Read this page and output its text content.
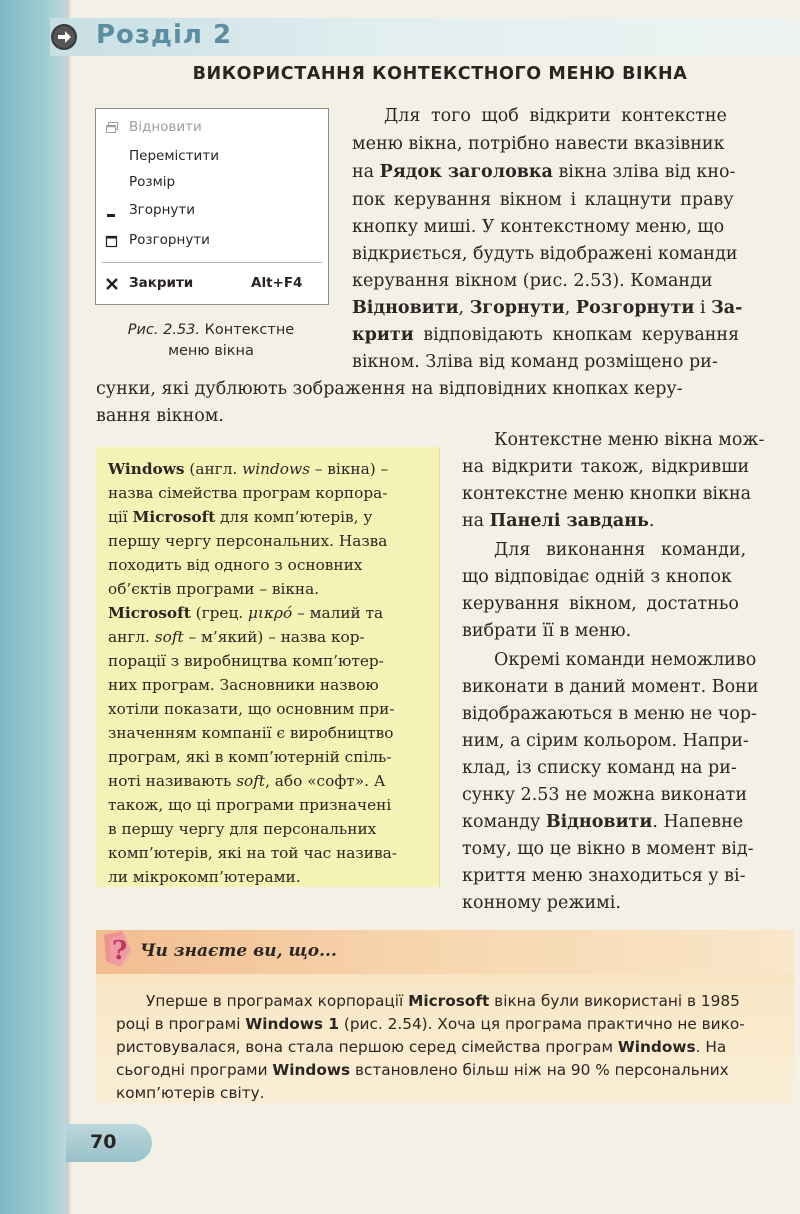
Розділ 2
ВИКОРИСТАННЯ КОНТЕКСТНОГО МЕНЮ ВІКНА
Відновити
Перемістити
Розмір
Згорнути
Розгорнути
Закрити	Alt+F4
Рис. 2.53. Контекстне
меню вікна
Для того щоб відкрити контекстне
меню вікна, потрібно навести вказівник
на Рядок заголовка вікна зліва від кно-
пок керування вікном і клацнути праву
кнопку миші. У контекстному меню, що
відкриється, будуть відображені команди
керування вікном (рис. 2.53). Команди
Відновити, Згорнути, Розгорнути і За-
крити відповідають кнопкам керування
вікном. Зліва від команд розміщено ри-
сунки, які дублюють зображення на відповідних кнопках керу-
вання вікном.
Windows (англ. windows – вікна) –
назва сімейства програм корпора-
ції Microsoft для комп’ютерів, у
першу чергу персональних. Назва
походить від одного з основних
об’єктів програми – вікна.
Microsoft (грец. μικρό – малий та
англ. soft – м’який) – назва кор-
порації з виробництва комп’ютер-
них програм. Засновники назвою
хотіли показати, що основним при-
значенням компанії є виробництво
програм, які в комп’ютерній спіль-
ноті називають soft, або «софт». А
також, що ці програми призначені
в першу чергу для персональних
комп’ютерів, які на той час назива-
ли мікрокомп’ютерами.
Контекстне меню вікна мож-
на відкрити також, відкривши
контекстне меню кнопки вікна
на Панелі завдань.
Для виконання команди,
що відповідає одній з кнопок
керування вікном, достатньо
вибрати її в меню.
Окремі команди неможливо
виконати в даний момент. Вони
відображаються в меню не чор-
ним, а сірим кольором. Напри-
клад, із списку команд на ри-
сунку 2.53 не можна виконати
команду Відновити. Напевне
тому, що це вікно в момент від-
криття меню знаходиться у ві-
конному режимі.
? Чи знаєте ви, що...
Уперше в програмах корпорації Microsoft вікна були використані в 1985
році в програмі Windows 1 (рис. 2.54). Хоча ця програма практично не вико-
ристовувалася, вона стала першою серед сімейства програм Windows. На
сьогодні програми Windows встановлено більш ніж на 90 % персональних
комп’ютерів світу.
70
